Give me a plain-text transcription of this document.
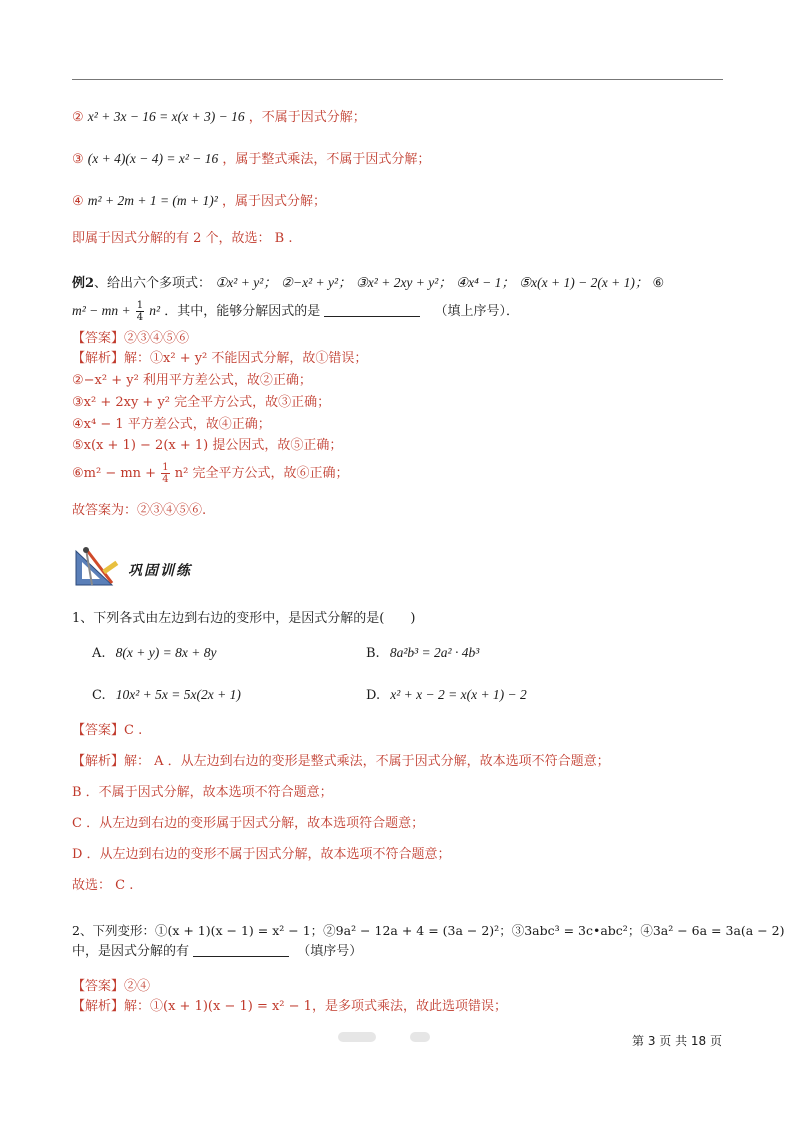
② x² + 3x − 16 = x(x + 3) − 16 ，不属于因式分解；
③ (x + 4)(x − 4) = x² − 16 ，属于整式乘法，不属于因式分解；
④ m² + 2m + 1 = (m + 1)² ，属于因式分解；
即属于因式分解的有 2 个，故选： B .
例2、给出六个多项式： ①x² + y²； ②−x² + y²； ③x² + 2xy + y²； ④x⁴ − 1； ⑤x(x + 1) − 2(x + 1)； ⑥
m² − mn + $\frac{1}{4} n^2$ ．其中，能够分解因式的是	（填上序号）．
【答案】②③④⑤⑥
【解析】解：①x² + y² 不能因式分解，故①错误；
②−x² + y² 利用平方差公式，故②正确；
③x² + 2xy + y² 完全平方公式，故③正确；
④x⁴ − 1 平方差公式，故④正确；
⑤x(x + 1) − 2(x + 1) 提公因式，故⑤正确；
⑥m² − mn + $\frac{1}{4} n^2$ 完全平方公式，故⑥正确；
故答案为：②③④⑤⑥.
巩固训练
1、下列各式由左边到右边的变形中，是因式分解的是(　　)
A. 8(x + y) = 8x + 8y	B. 8a²b³ = 2a² · 4b³
C. 10x² + 5x = 5x(2x + 1)	D. x² + x − 2 = x(x + 1) − 2
【答案】C .
【解析】解： A ．从左边到右边的变形是整式乘法，不属于因式分解，故本选项不符合题意；
B ．不属于因式分解，故本选项不符合题意；
C ．从左边到右边的变形属于因式分解，故本选项符合题意；
D ．从左边到右边的变形不属于因式分解，故本选项不符合题意；
故选： C .
2、下列变形：①(x + 1)(x − 1) = x² − 1；②9a² − 12a + 4 = (3a − 2)²；③3abc³ = 3c•abc²；④3a² − 6a = 3a(a − 2)
中，是因式分解的有	（填序号）
【答案】②④
【解析】解：①(x + 1)(x − 1) = x² − 1，是多项式乘法，故此选项错误；
第 3 页 共 18 页
